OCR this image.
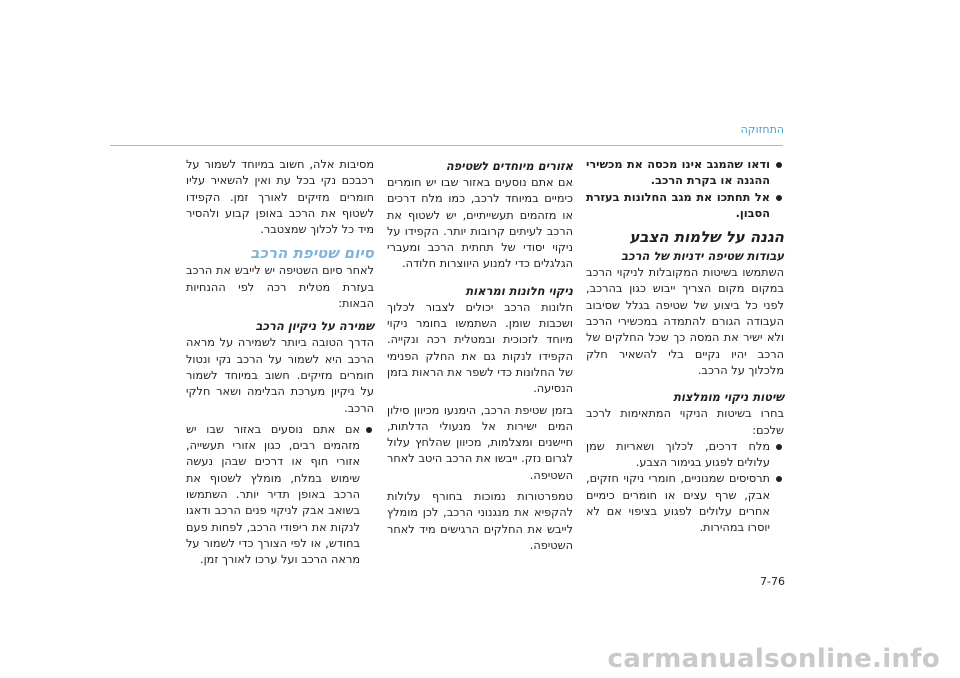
התחזוקה

ודאו שהמגב אינו מכסה את מכשירי ההגנה או בקרת הרכב.

אל תחתכו את מגב החלונות בעזרת הסבון.

הגנה על שלמות הצבע

עבודות שטיפה ידניות של הרכב

השתמשו בשיטות המקובלות לניקוי הרכב במקום מקום הצריך ייבוש כגון בהרכב, לפני כל ביצוע של שטיפה בגלל שסיבוב העבודה הגורם להתמדה במכשירי הרכב ולא ישיר את המסה כך שכל החלקים של הרכב יהיו נקיים בלי להשאיר חלק מלכלוך על הרכב.

שיטות ניקוי מומלצות

בחרו בשיטות הניקוי המתאימות לרכב שלכם:

מלח דרכים, לכלוך ושאריות שמן עלולים לפגוע בגימור הצבע.

תרסיסים שמנוניים, חומרי ניקוי חזקים, אבק, שרף עצים או חומרים כימיים אחרים עלולים לפגוע בציפוי אם לא יוסרו במהירות.

אזורים מיוחדים לשטיפה

אם אתם נוסעים באזור שבו יש חומרים כימיים במיוחד לרכב, כמו מלח דרכים או מזהמים תעשייתיים, יש לשטוף את הרכב לעיתים קרובות יותר. הקפידו על ניקוי יסודי של תחתית הרכב ומעברי הגלגלים כדי למנוע היווצרות חלודה.

ניקוי חלונות ומראות

חלונות הרכב יכולים לצבור לכלוך ושכבות שומן. השתמשו בחומר ניקוי מיוחד לזכוכית ובמטלית רכה ונקייה. הקפידו לנקות גם את החלק הפנימי של החלונות כדי לשפר את הראות בזמן הנסיעה.

בזמן שטיפת הרכב, הימנעו מכיוון סילון המים ישירות אל מנעולי הדלתות, חיישנים ומצלמות, מכיוון שהלחץ עלול לגרום נזק. ייבשו את הרכב היטב לאחר השטיפה.

טמפרטורות נמוכות בחורף עלולות להקפיא את מנגנוני הרכב, לכן מומלץ לייבש את החלקים הרגישים מיד לאחר השטיפה.

מסיבות אלה, חשוב במיוחד לשמור על רכבכם נקי בכל עת ואין להשאיר עליו חומרים מזיקים לאורך זמן. הקפידו לשטוף את הרכב באופן קבוע ולהסיר מיד כל לכלוך שמצטבר.

סיום שטיפת הרכב

לאחר סיום השטיפה יש לייבש את הרכב בעזרת מטלית רכה לפי ההנחיות הבאות:

שמירה על ניקיון הרכב

הדרך הטובה ביותר לשמירה על מראה הרכב היא לשמור על הרכב נקי ונטול חומרים מזיקים. חשוב במיוחד לשמור על ניקיון מערכת הבלימה ושאר חלקי הרכב.

אם אתם נוסעים באזור שבו יש מזהמים רבים, כגון אזורי תעשייה, אזורי חוף או דרכים שבהן נעשה שימוש במלח, מומלץ לשטוף את הרכב באופן תדיר יותר. השתמשו בשואב אבק לניקוי פנים הרכב ודאגו לנקות את ריפודי הרכב, לפחות פעם בחודש, או לפי הצורך כדי לשמור על מראה הרכב ועל ערכו לאורך זמן.

7-76
carmanualsonline.info
